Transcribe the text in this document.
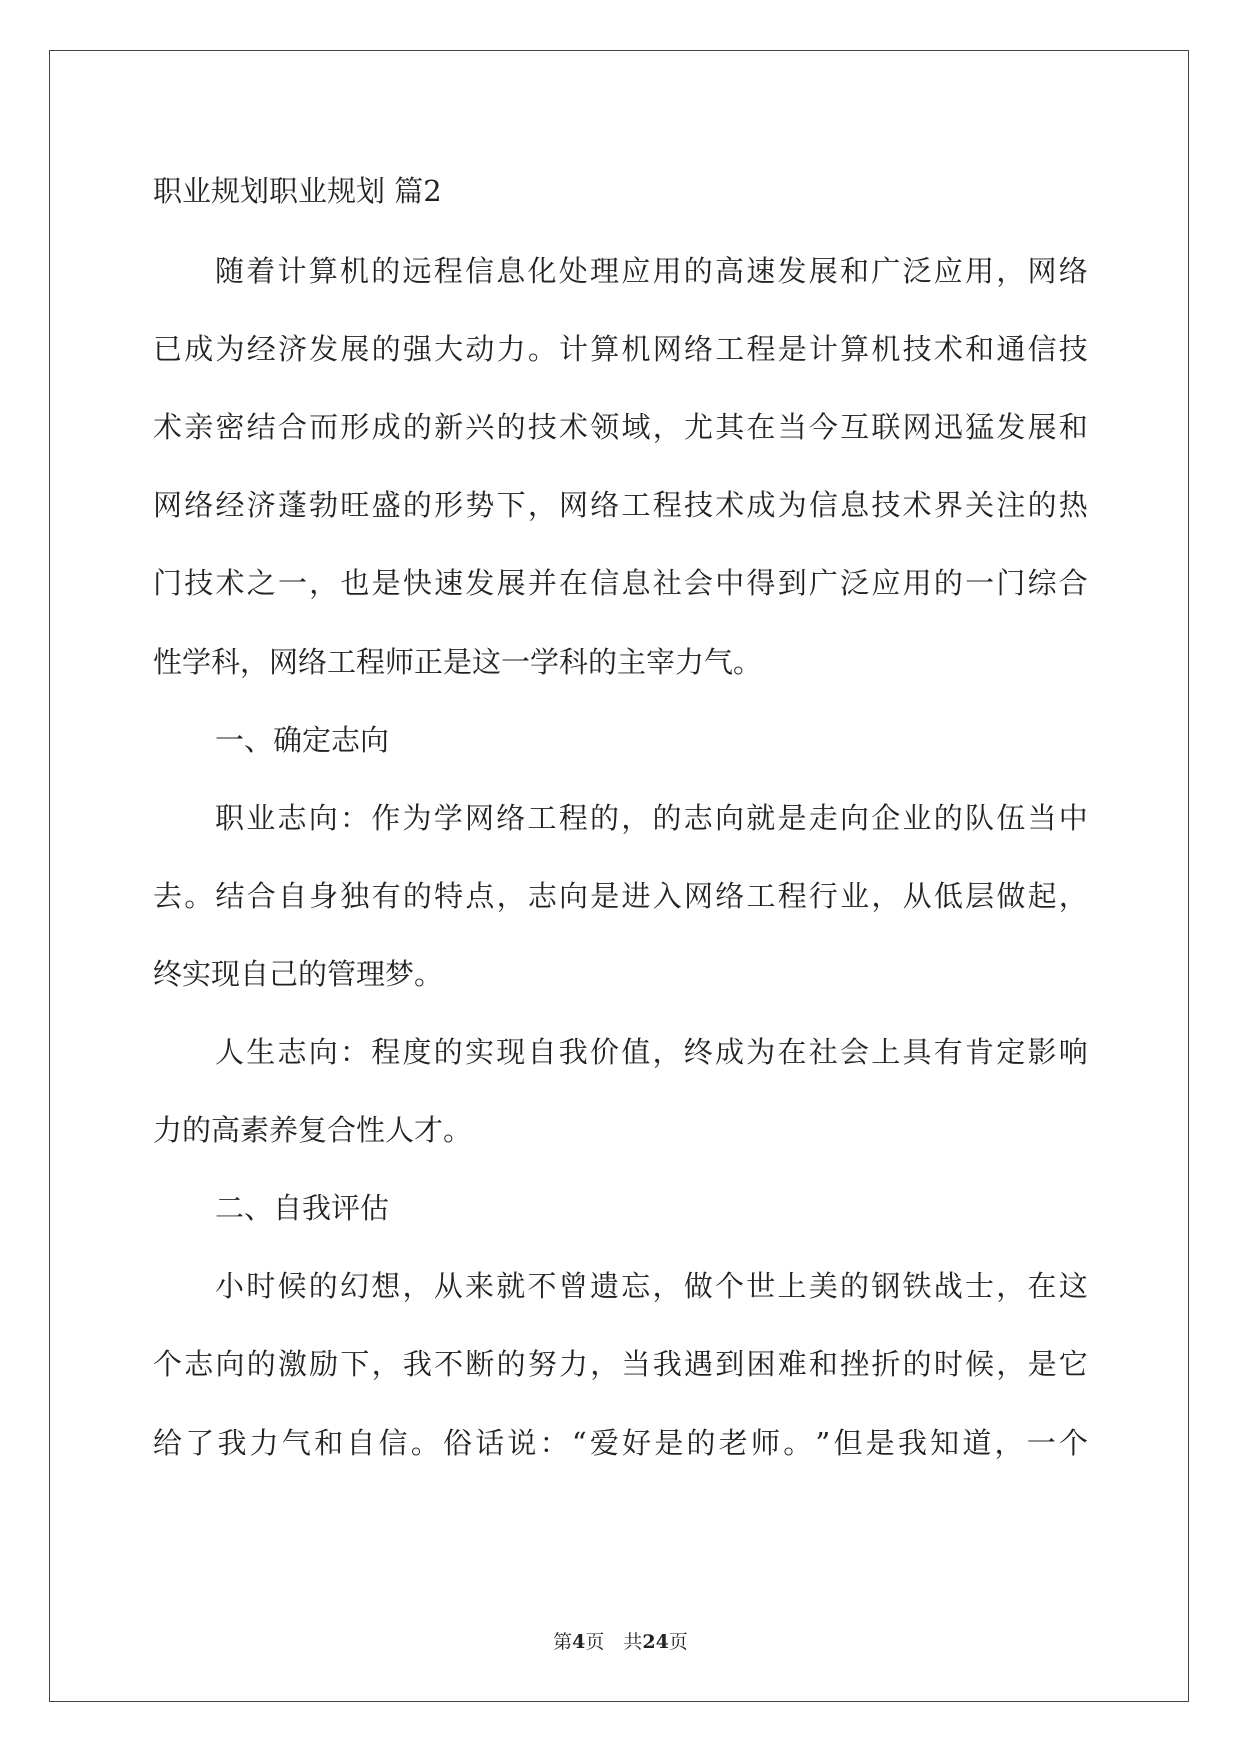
职业规划职业规划 篇2
随 着 计 算 机 的 远 程 信 息 化 处 理 应 用 的 高 速 发 展 和 广 泛 应 用 ， 网 络
已 成 为 经 济 发 展 的 强 大 动 力 。 计 算 机 网 络 工 程 是 计 算 机 技 术 和 通 信 技
术 亲 密 结 合 而 形 成 的 新 兴 的 技 术 领 域 ， 尤 其 在 当 今 互 联 网 迅 猛 发 展 和
网 络 经 济 蓬 勃 旺 盛 的 形 势 下 ， 网 络 工 程 技 术 成 为 信 息 技 术 界 关 注 的 热
门 技 术 之 一 ， 也 是 快 速 发 展 并 在 信 息 社 会 中 得 到 广 泛 应 用 的 一 门 综 合
性学科，网络工程师正是这一学科的主宰力气。
一、确定志向
职 业 志 向 ： 作 为 学 网 络 工 程 的 ， 的 志 向 就 是 走 向 企 业 的 队 伍 当 中
去 。 结 合 自 身 独 有 的 特 点 ， 志 向 是 进 入 网 络 工 程 行 业 ， 从 低 层 做 起 ，
终实现自己的管理梦。
人 生 志 向 ： 程 度 的 实 现 自 我 价 值 ， 终 成 为 在 社 会 上 具 有 肯 定 影 响
力的高素养复合性人才。
二、自我评估
小 时 候 的 幻 想 ， 从 来 就 不 曾 遗 忘 ， 做 个 世 上 美 的 钢 铁 战 士 ， 在 这
个 志 向 的 激 励 下 ， 我 不 断 的 努 力 ， 当 我 遇 到 困 难 和 挫 折 的 时 候 ， 是 它
给 了 我 力 气 和 自 信 。 俗 话 说 ： “ 爱 好 是 的 老 师 。 ” 但 是 我 知 道 ， 一 个
第4页　共24页
